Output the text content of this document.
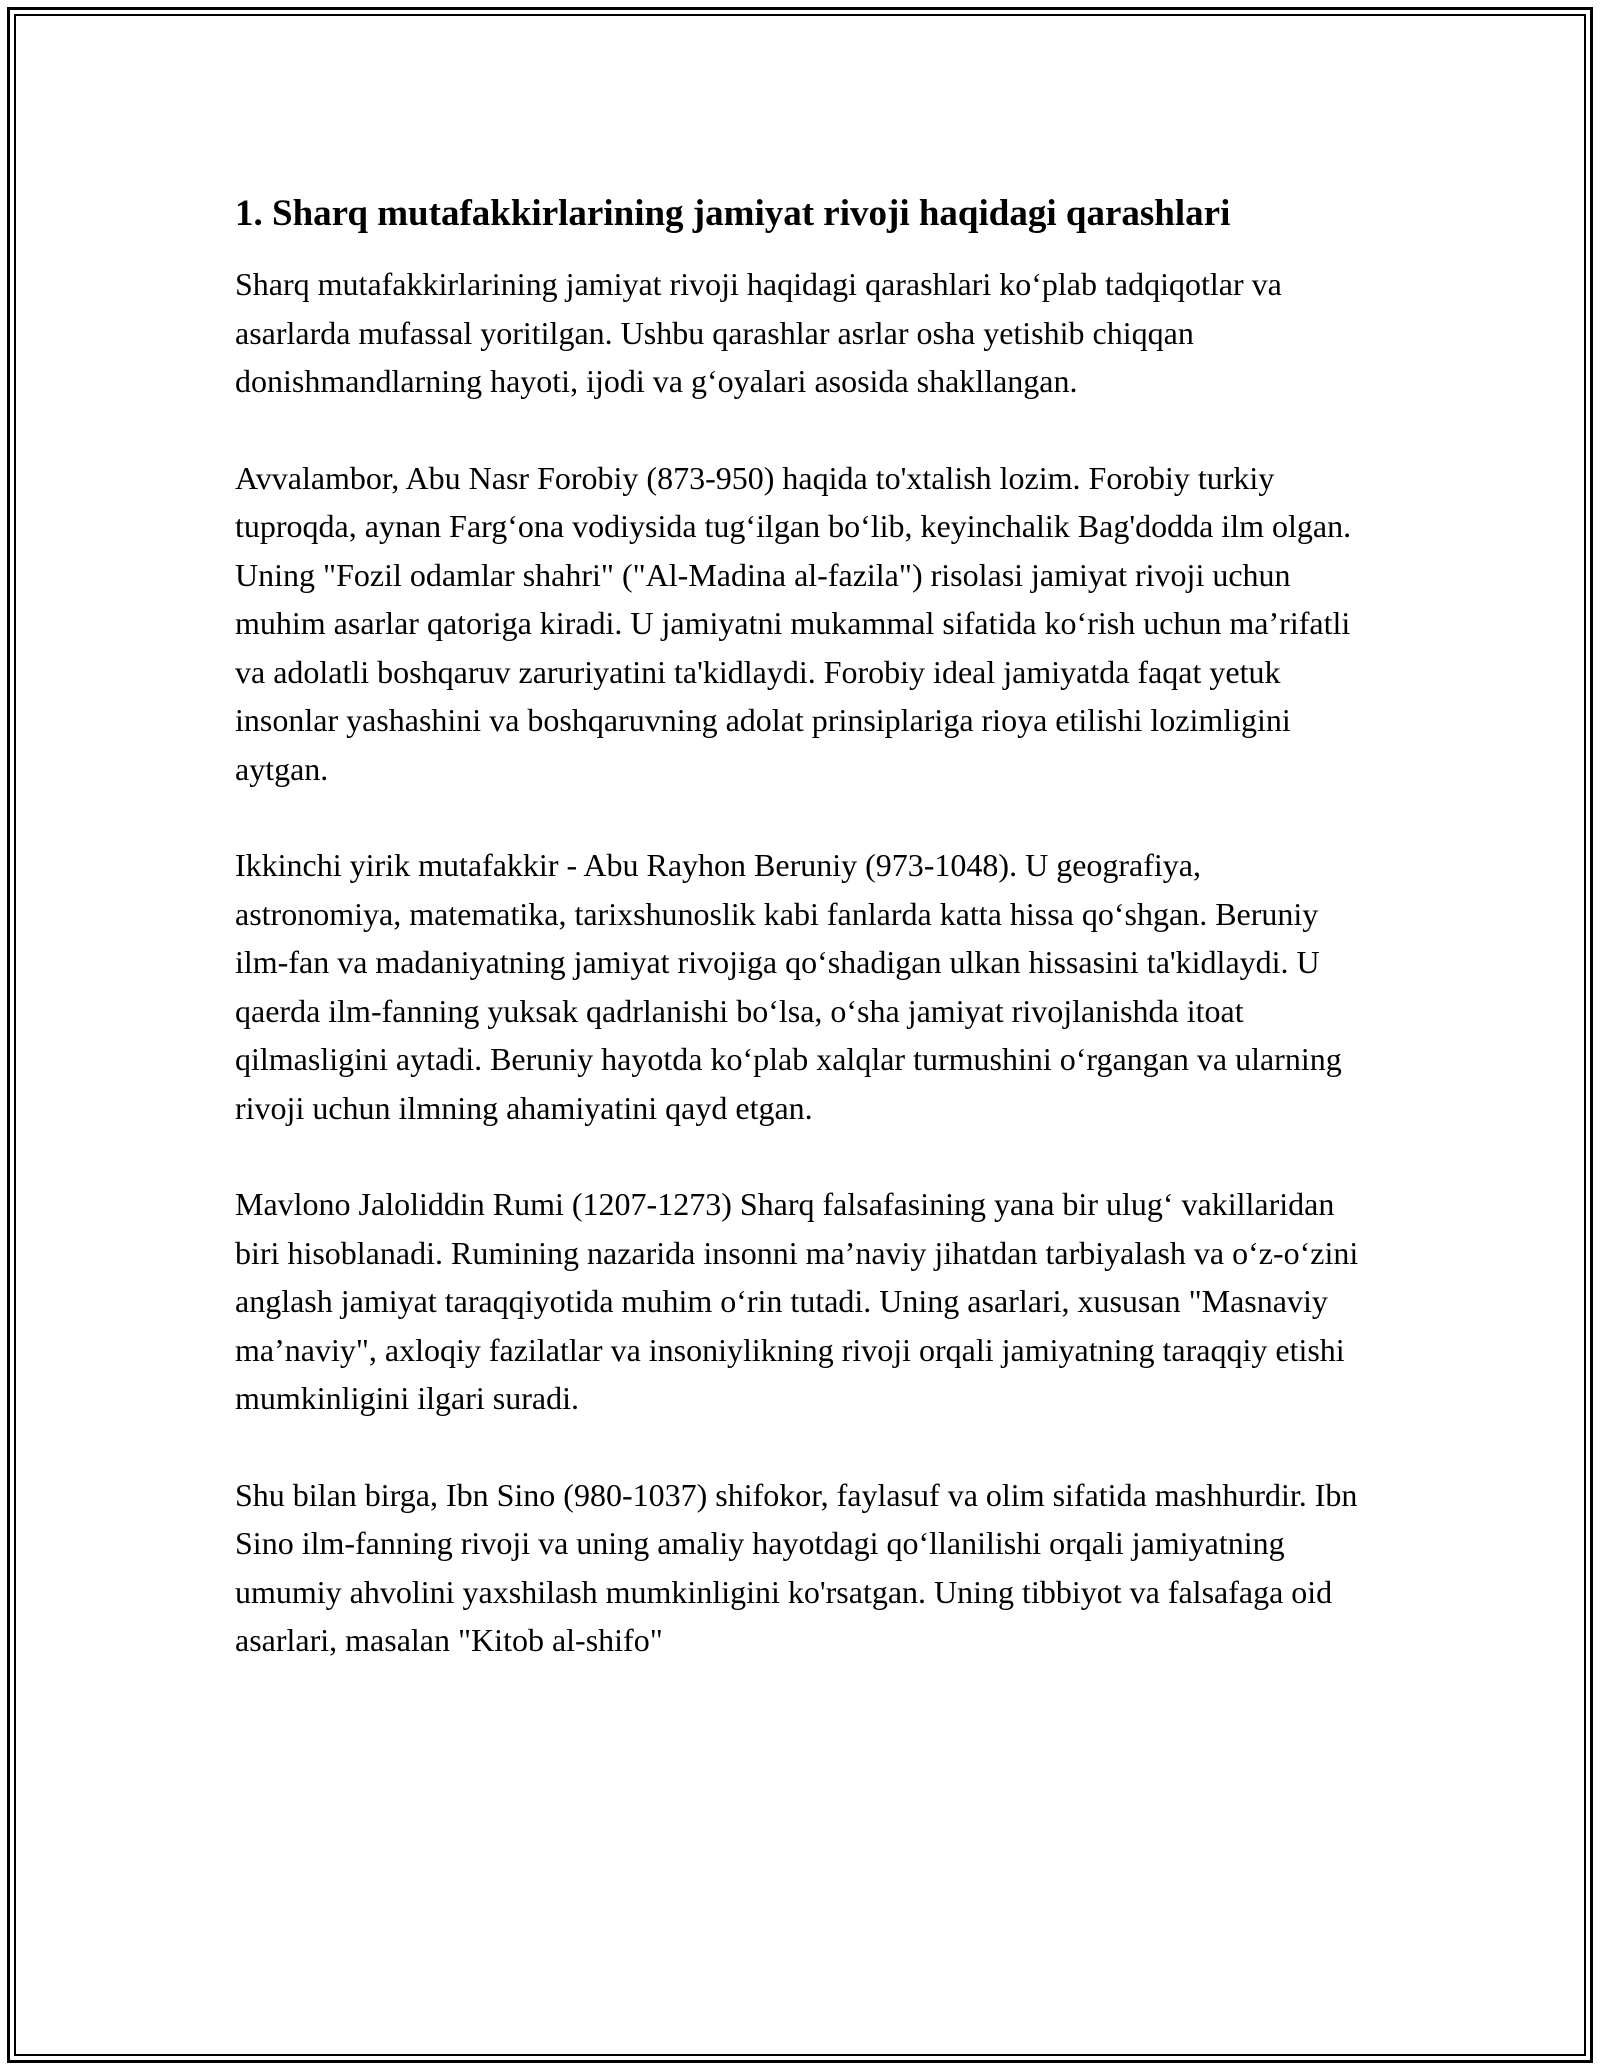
1. Sharq mutafakkirlarining jamiyat rivoji haqidagi qarashlari

Sharq mutafakkirlarining jamiyat rivoji haqidagi qarashlari ko‘plab tadqiqotlar va asarlarda mufassal yoritilgan. Ushbu qarashlar asrlar osha yetishib chiqqan donishmandlarning hayoti, ijodi va g‘oyalari asosida shakllangan.

Avvalambor, Abu Nasr Forobiy (873-950) haqida to'xtalish lozim. Forobiy turkiy tuproqda, aynan Farg‘ona vodiysida tug‘ilgan bo‘lib, keyinchalik Bag'dodda ilm olgan. Uning "Fozil odamlar shahri" ("Al-Madina al-fazila") risolasi jamiyat rivoji uchun muhim asarlar qatoriga kiradi. U jamiyatni mukammal sifatida ko‘rish uchun ma’rifatli va adolatli boshqaruv zaruriyatini ta'kidlaydi. Forobiy ideal jamiyatda faqat yetuk insonlar yashashini va boshqaruvning adolat prinsiplariga rioya etilishi lozimligini aytgan.

Ikkinchi yirik mutafakkir - Abu Rayhon Beruniy (973-1048). U geografiya, astronomiya, matematika, tarixshunoslik kabi fanlarda katta hissa qo‘shgan. Beruniy ilm-fan va madaniyatning jamiyat rivojiga qo‘shadigan ulkan hissasini ta'kidlaydi. U qaerda ilm-fanning yuksak qadrlanishi bo‘lsa, o‘sha jamiyat rivojlanishda itoat qilmasligini aytadi. Beruniy hayotda ko‘plab xalqlar turmushini o‘rgangan va ularning rivoji uchun ilmning ahamiyatini qayd etgan.

Mavlono Jaloliddin Rumi (1207-1273) Sharq falsafasining yana bir ulug‘ vakillaridan biri hisoblanadi. Rumining nazarida insonni ma’naviy jihatdan tarbiyalash va o‘z-o‘zini anglash jamiyat taraqqiyotida muhim o‘rin tutadi. Uning asarlari, xususan "Masnaviy ma’naviy", axloqiy fazilatlar va insoniylikning rivoji orqali jamiyatning taraqqiy etishi mumkinligini ilgari suradi.

Shu bilan birga, Ibn Sino (980-1037) shifokor, faylasuf va olim sifatida mashhurdir. Ibn Sino ilm-fanning rivoji va uning amaliy hayotdagi qo‘llanilishi orqali jamiyatning umumiy ahvolini yaxshilash mumkinligini ko'rsatgan. Uning tibbiyot va falsafaga oid asarlari, masalan "Kitob al-shifo"
